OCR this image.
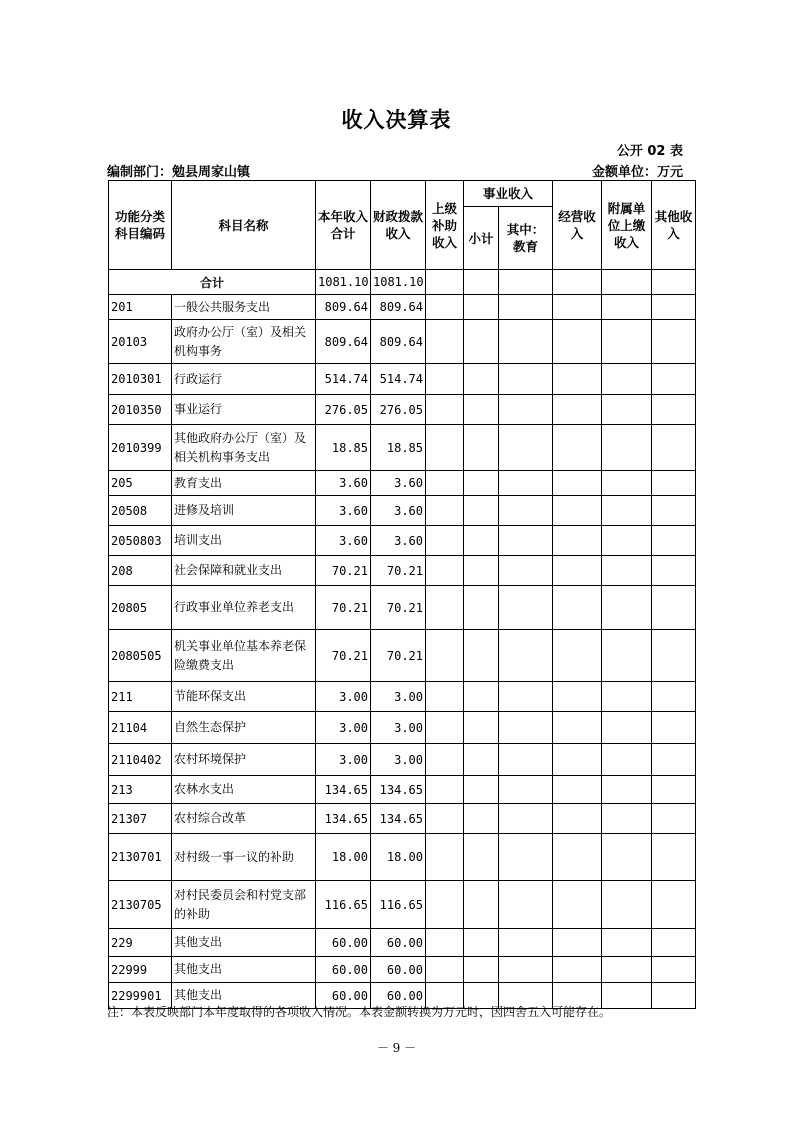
收入决算表
公开 02 表
编制部门：勉县周家山镇	金额单位：万元
功能分类科目编码	科目名称	本年收入合计	财政拨款收入	上级补助收入	事业收入		经营收入	附属单位上缴收入	其他收入
					小计	其中：教育			
合计		1081.10	1081.10						
201	一般公共服务支出	809.64	809.64						
20103	政府办公厅（室）及相关机构事务	809.64	809.64						
2010301	行政运行	514.74	514.74						
2010350	事业运行	276.05	276.05						
2010399	其他政府办公厅（室）及相关机构事务支出	18.85	18.85						
205	教育支出	3.60	3.60						
20508	进修及培训	3.60	3.60						
2050803	培训支出	3.60	3.60						
208	社会保障和就业支出	70.21	70.21						
20805	行政事业单位养老支出	70.21	70.21						
2080505	机关事业单位基本养老保险缴费支出	70.21	70.21						
211	节能环保支出	3.00	3.00						
21104	自然生态保护	3.00	3.00						
2110402	农村环境保护	3.00	3.00						
213	农林水支出	134.65	134.65						
21307	农村综合改革	134.65	134.65						
2130701	对村级一事一议的补助	18.00	18.00						
2130705	对村民委员会和村党支部的补助	116.65	116.65						
229	其他支出	60.00	60.00						
22999	其他支出	60.00	60.00						
2299901	其他支出	60.00	60.00						
注：本表反映部门本年度取得的各项收入情况。本表金额转换为万元时，因四舍五入可能存在。
－ 9 －
